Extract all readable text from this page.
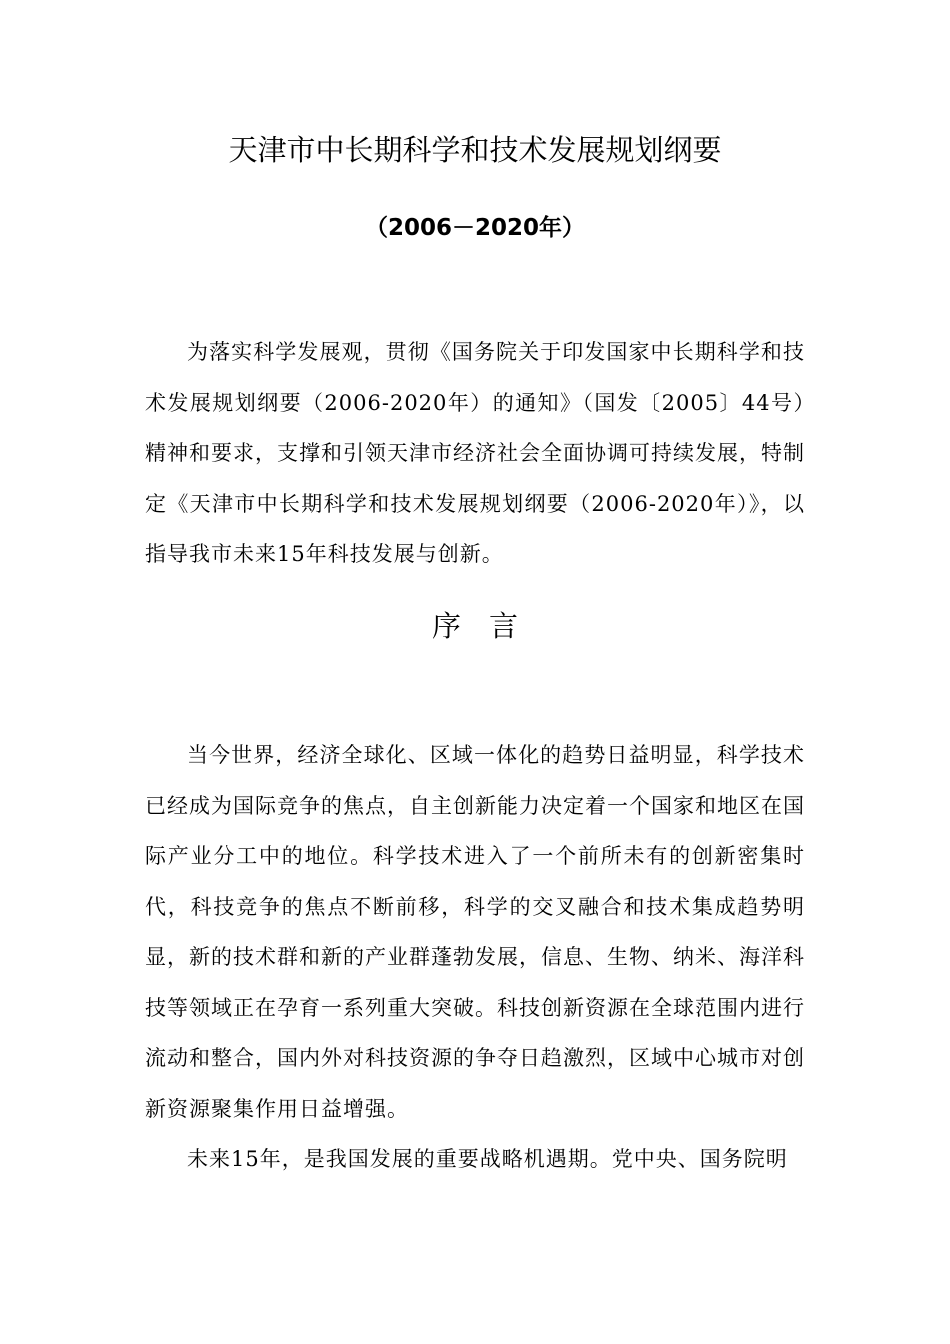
天津市中长期科学和技术发展规划纲要
（2006－2020年）

为落实科学发展观，贯彻《国务院关于印发国家中长期科学和技术发展规划纲要（2006-2020年）的通知》（国发〔2005〕44号）精神和要求，支撑和引领天津市经济社会全面协调可持续发展，特制定《天津市中长期科学和技术发展规划纲要（2006-2020年）》，以指导我市未来15年科技发展与创新。

序言

当今世界，经济全球化、区域一体化的趋势日益明显，科学技术已经成为国际竞争的焦点，自主创新能力决定着一个国家和地区在国际产业分工中的地位。科学技术进入了一个前所未有的创新密集时代，科技竞争的焦点不断前移，科学的交叉融合和技术集成趋势明显，新的技术群和新的产业群蓬勃发展，信息、生物、纳米、海洋科技等领域正在孕育一系列重大突破。科技创新资源在全球范围内进行流动和整合，国内外对科技资源的争夺日趋激烈，区域中心城市对创新资源聚集作用日益增强。

未来15年，是我国发展的重要战略机遇期。党中央、国务院明
